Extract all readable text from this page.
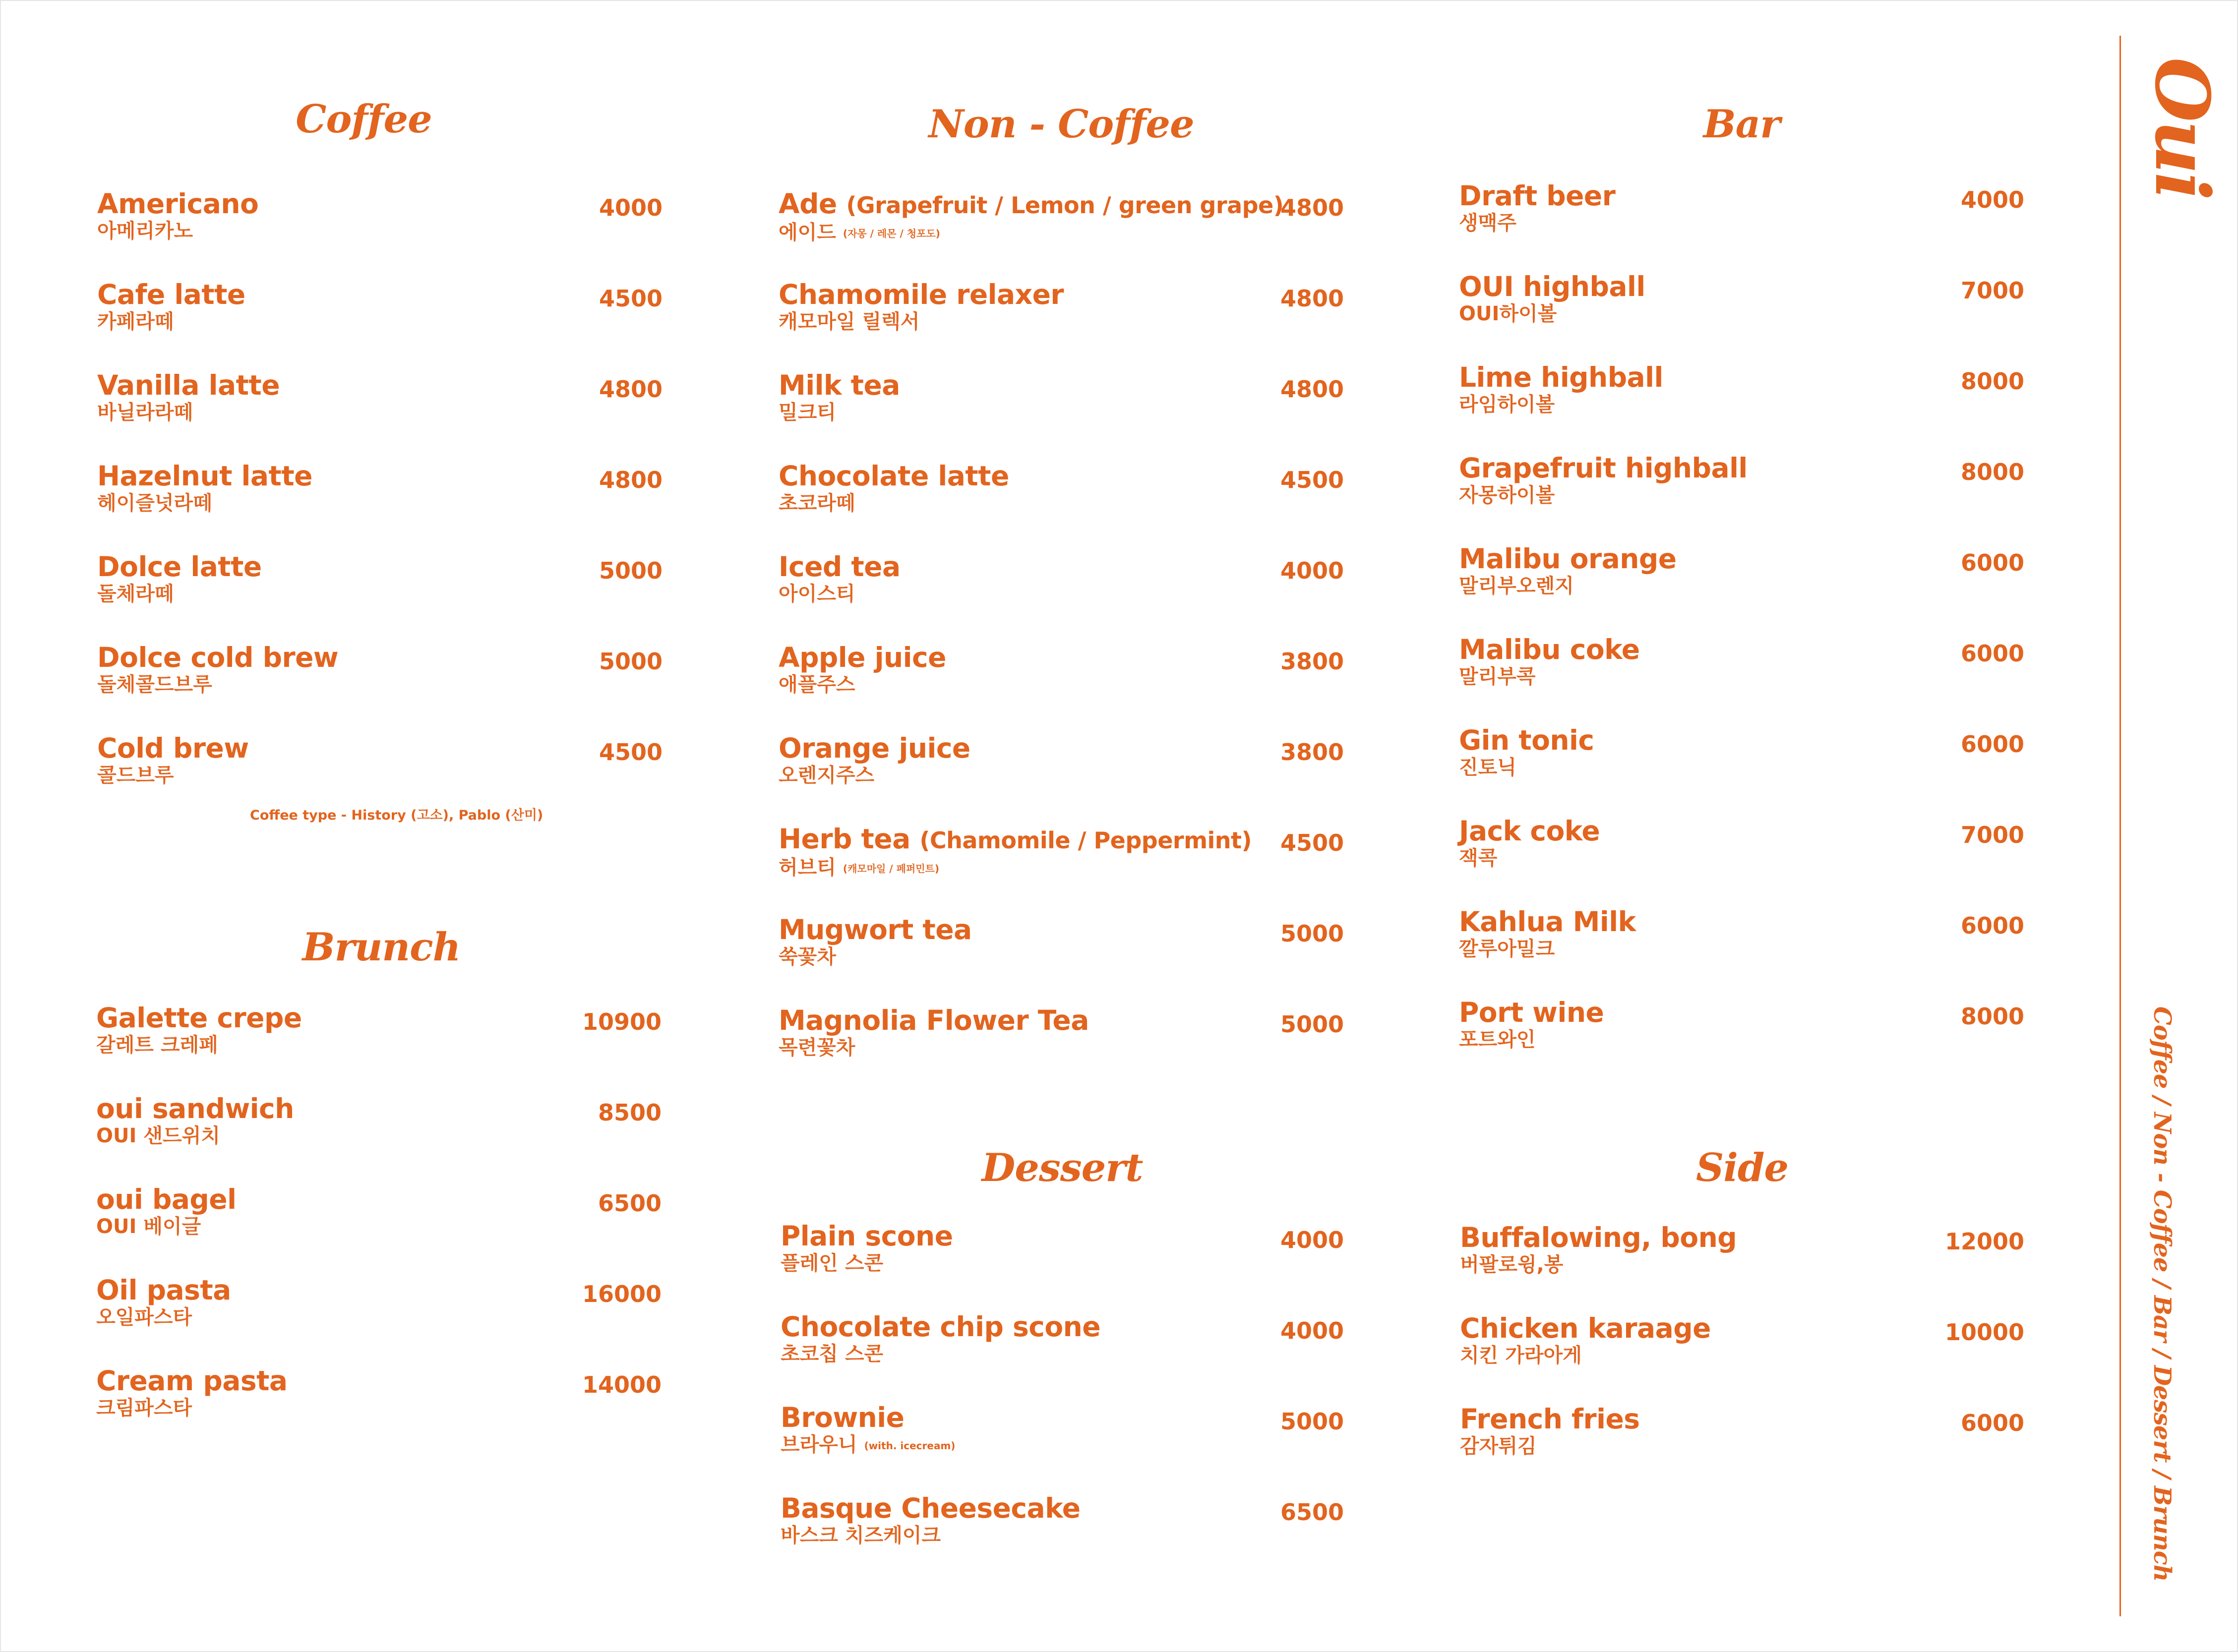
Coffee
Americano
아메리카노
4000
Cafe latte
카페라떼
4500
Vanilla latte
바닐라라떼
4800
Hazelnut latte
헤이즐넛라떼
4800
Dolce latte
돌체라떼
5000
Dolce cold brew
돌체콜드브루
5000
Cold brew
콜드브루
4500
Coffee type - History (고소), Pablo (산미)
Brunch
Galette crepe
갈레트 크레페
10900
oui sandwich
OUI 샌드위치
8500
oui bagel
OUI 베이글
6500
Oil pasta
오일파스타
16000
Cream pasta
크림파스타
14000
Non - Coffee
Ade (Grapefruit / Lemon / green grape)
에이드 (자몽 / 레몬 / 청포도)
4800
Chamomile relaxer
캐모마일 릴렉서
4800
Milk tea
밀크티
4800
Chocolate latte
초코라떼
4500
Iced tea
아이스티
4000
Apple juice
애플주스
3800
Orange juice
오렌지주스
3800
Herb tea (Chamomile / Peppermint)
허브티 (캐모마일 / 페퍼민트)
4500
Mugwort tea
쑥꽃차
5000
Magnolia Flower Tea
목련꽃차
5000
Dessert
Plain scone
플레인 스콘
4000
Chocolate chip scone
초코칩 스콘
4000
Brownie
브라우니 (with. icecream)
5000
Basque Cheesecake
바스크 치즈케이크
6500
Bar
Draft beer
생맥주
4000
OUI highball
OUI하이볼
7000
Lime highball
라임하이볼
8000
Grapefruit highball
자몽하이볼
8000
Malibu orange
말리부오렌지
6000
Malibu coke
말리부콕
6000
Gin tonic
진토닉
6000
Jack coke
잭콕
7000
Kahlua Milk
깔루아밀크
6000
Port wine
포트와인
8000
Side
Buffalowing, bong
버팔로윙,봉
12000
Chicken karaage
치킨 가라아게
10000
French fries
감자튀김
6000
Oui
Coffee / Non - Coffee / Bar / Dessert / Brunch
